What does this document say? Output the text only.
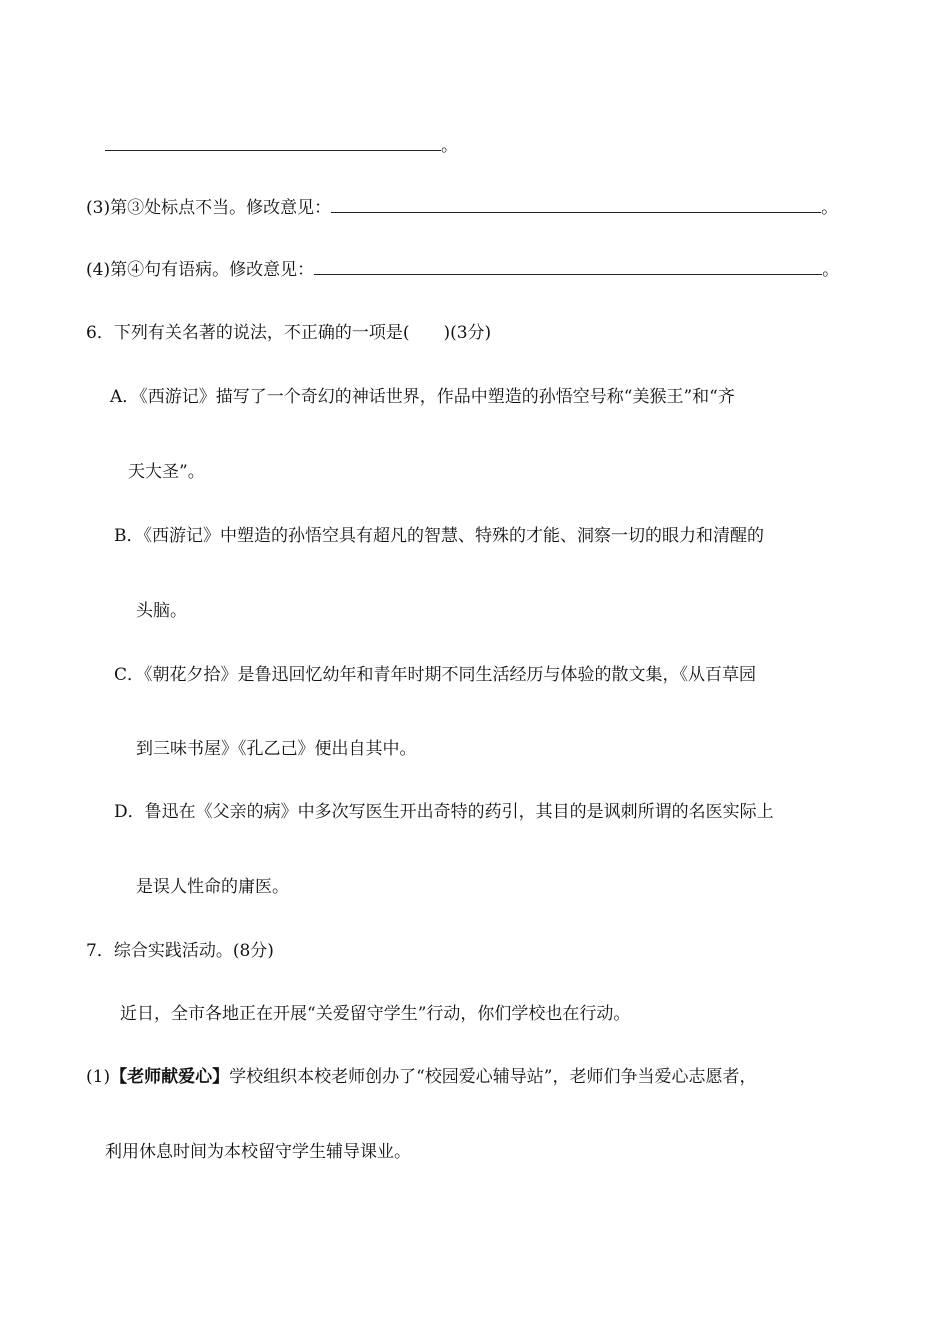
。
(3)第③处标点不当。修改意见：	。
(4)第④句有语病。修改意见：	。
6．下列有关名著的说法，不正确的一项是(　　)(3分)
A．《西游记》描写了一个奇幻的神话世界，作品中塑造的孙悟空号称“美猴王”和“齐
天大圣”。
B．《西游记》中塑造的孙悟空具有超凡的智慧、特殊的才能、洞察一切的眼力和清醒的
头脑。
C．《朝花夕拾》是鲁迅回忆幼年和青年时期不同生活经历与体验的散文集，《从百草园
到三味书屋》《孔乙己》便出自其中。
D．鲁迅在《父亲的病》中多次写医生开出奇特的药引，其目的是讽刺所谓的名医实际上
是误人性命的庸医。
7．综合实践活动。(8分)
近日，全市各地正在开展“关爱留守学生”行动，你们学校也在行动。
(1)【老师献爱心】学校组织本校老师创办了“校园爱心辅导站”，老师们争当爱心志愿者，
利用休息时间为本校留守学生辅导课业。
